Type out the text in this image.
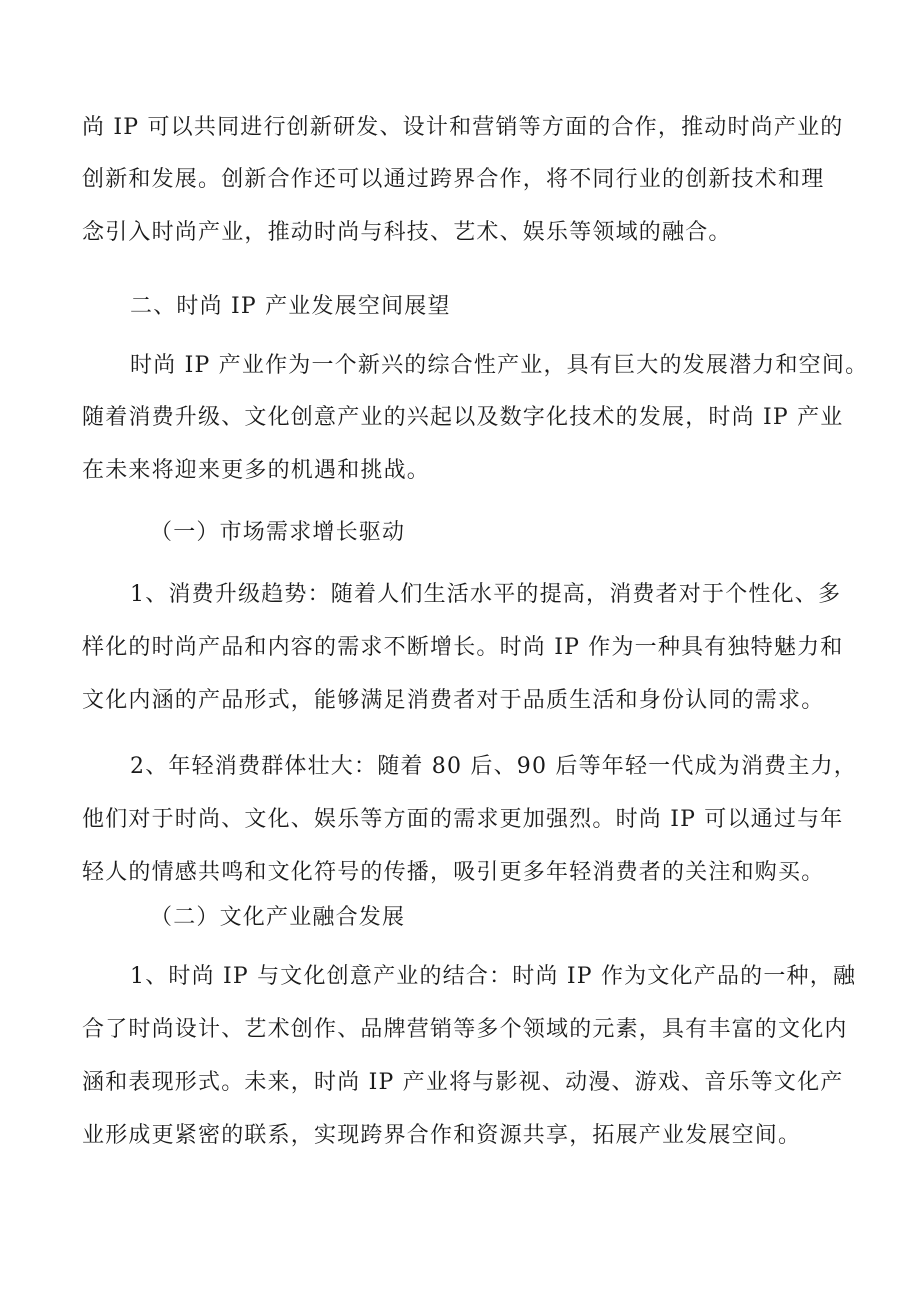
尚 IP 可以共同进行创新研发、设计和营销等方面的合作，推动时尚产业的
创新和发展。创新合作还可以通过跨界合作，将不同行业的创新技术和理
念引入时尚产业，推动时尚与科技、艺术、娱乐等领域的融合。
二、时尚 IP 产业发展空间展望
时尚 IP 产业作为一个新兴的综合性产业，具有巨大的发展潜力和空间。
随着消费升级、文化创意产业的兴起以及数字化技术的发展，时尚 IP 产业
在未来将迎来更多的机遇和挑战。
（一）市场需求增长驱动
1、消费升级趋势：随着人们生活水平的提高，消费者对于个性化、多
样化的时尚产品和内容的需求不断增长。时尚 IP 作为一种具有独特魅力和
文化内涵的产品形式，能够满足消费者对于品质生活和身份认同的需求。
2、年轻消费群体壮大：随着 80 后、90 后等年轻一代成为消费主力，
他们对于时尚、文化、娱乐等方面的需求更加强烈。时尚 IP 可以通过与年
轻人的情感共鸣和文化符号的传播，吸引更多年轻消费者的关注和购买。
（二）文化产业融合发展
1、时尚 IP 与文化创意产业的结合：时尚 IP 作为文化产品的一种，融
合了时尚设计、艺术创作、品牌营销等多个领域的元素，具有丰富的文化内
涵和表现形式。未来，时尚 IP 产业将与影视、动漫、游戏、音乐等文化产
业形成更紧密的联系，实现跨界合作和资源共享，拓展产业发展空间。
